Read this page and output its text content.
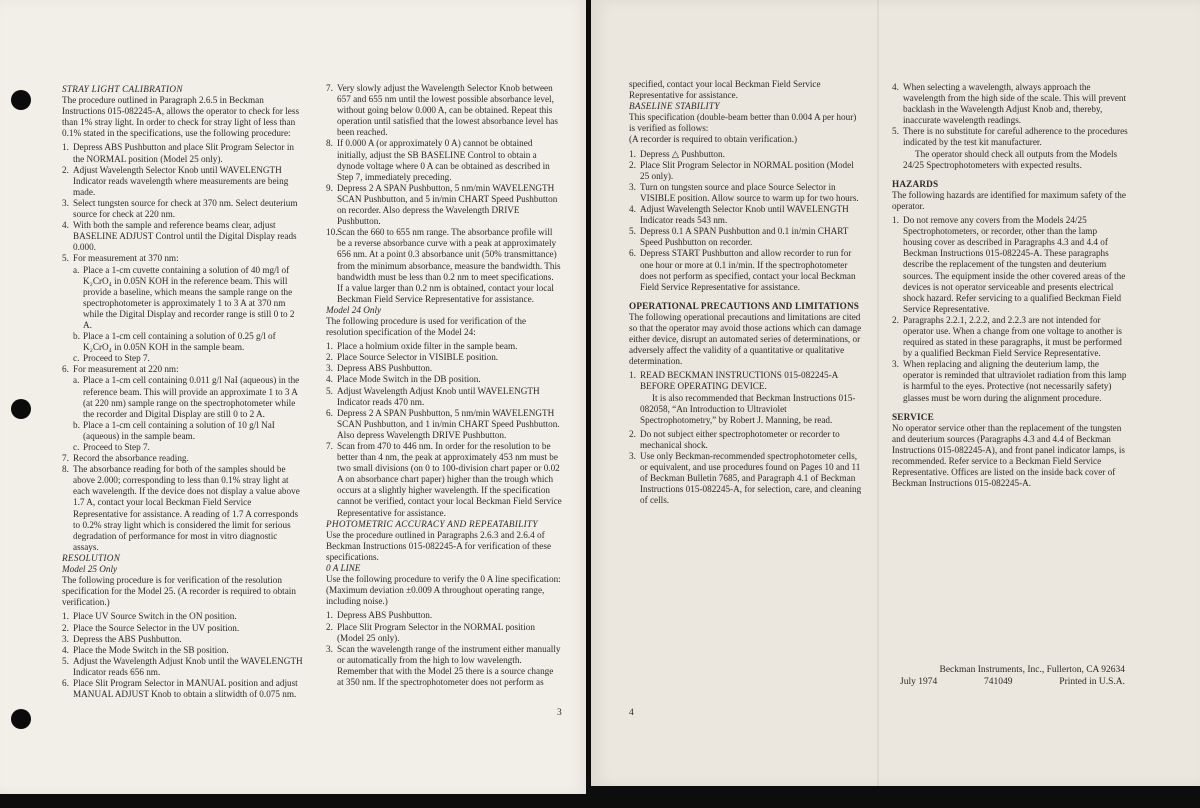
STRAY LIGHT CALIBRATION

The procedure outlined in Paragraph 2.6.5 in Beckman Instructions 015-082245-A, allows the operator to check for less than 1% stray light. In order to check for stray light of less than 0.1% stated in the specifications, use the following procedure:

1. Depress ABS Pushbutton and place Slit Program Selector in the NORMAL position (Model 25 only).
2. Adjust Wavelength Selector Knob until WAVELENGTH Indicator reads wavelength where measurements are being made.
3. Select tungsten source for check at 370 nm. Select deuterium source for check at 220 nm.
4. With both the sample and reference beams clear, adjust BASELINE ADJUST Control until the Digital Display reads 0.000.
5. For measurement at 370 nm:
a. Place a 1-cm cuvette containing a solution of 40 mg/l of K₂CrO₄ in 0.05N KOH in the reference beam. This will provide a baseline, which means the sample range on the spectrophotometer is approximately 1 to 3 A at 370 nm while the Digital Display and recorder range is still 0 to 2 A.
b. Place a 1-cm cell containing a solution of 0.25 g/l of K₂CrO₄ in 0.05N KOH in the sample beam.
c. Proceed to Step 7.
6. For measurement at 220 nm:
a. Place a 1-cm cell containing 0.011 g/l NaI (aqueous) in the reference beam. This will provide an approximate 1 to 3 A (at 220 nm) sample range on the spectrophotometer while the recorder and Digital Display are still 0 to 2 A.
b. Place a 1-cm cell containing a solution of 10 g/l NaI (aqueous) in the sample beam.
c. Proceed to Step 7.
7. Record the absorbance reading.
8. The absorbance reading for both of the samples should be above 2.000; corresponding to less than 0.1% stray light at each wavelength. If the device does not display a value above 1.7 A, contact your local Beckman Field Service Representative for assistance. A reading of 1.7 A corresponds to 0.2% stray light which is considered the limit for serious degradation of performance for most in vitro diagnostic assays.

RESOLUTION

Model 25 Only

The following procedure is for verification of the resolution specification for the Model 25. (A recorder is required to obtain verification.)

1. Place UV Source Switch in the ON position.
2. Place the Source Selector in the UV position.
3. Depress the ABS Pushbutton.
4. Place the Mode Switch in the SB position.
5. Adjust the Wavelength Adjust Knob until the WAVELENGTH Indicator reads 656 nm.
6. Place Slit Program Selector in MANUAL position and adjust MANUAL ADJUST Knob to obtain a slitwidth of 0.075 nm.
7. Very slowly adjust the Wavelength Selector Knob between 657 and 655 nm until the lowest possible absorbance level, without going below 0.000 A, can be obtained. Repeat this operation until satisfied that the lowest absorbance level has been reached.
8. If 0.000 A (or approximately 0 A) cannot be obtained initially, adjust the SB BASELINE Control to obtain a dynode voltage where 0 A can be obtained as described in Step 7, immediately preceding.
9. Depress 2 A SPAN Pushbutton, 5 nm/min WAVELENGTH SCAN Pushbutton, and 5 in/min CHART Speed Pushbutton on recorder. Also depress the Wavelength DRIVE Pushbutton.
10. Scan the 660 to 655 nm range. The absorbance profile will be a reverse absorbance curve with a peak at approximately 656 nm. At a point 0.3 absorbance unit (50% transmittance) from the minimum absorbance, measure the bandwidth. This bandwidth must be less than 0.2 nm to meet specifications. If a value larger than 0.2 nm is obtained, contact your local Beckman Field Service Representative for assistance.

Model 24 Only

The following procedure is used for verification of the resolution specification of the Model 24:

1. Place a holmium oxide filter in the sample beam.
2. Place Source Selector in VISIBLE position.
3. Depress ABS Pushbutton.
4. Place Mode Switch in the DB position.
5. Adjust Wavelength Adjust Knob until WAVELENGTH Indicator reads 470 nm.
6. Depress 2 A SPAN Pushbutton, 5 nm/min WAVELENGTH SCAN Pushbutton, and 1 in/min CHART Speed Pushbutton. Also depress Wavelength DRIVE Pushbutton.
7. Scan from 470 to 446 nm. In order for the resolution to be better than 4 nm, the peak at approximately 453 nm must be two small divisions (on 0 to 100-division chart paper or 0.02 A on absorbance chart paper) higher than the trough which occurs at a slightly higher wavelength. If the specification cannot be verified, contact your local Beckman Field Service Representative for assistance.

PHOTOMETRIC ACCURACY AND REPEATABILITY

Use the procedure outlined in Paragraphs 2.6.3 and 2.6.4 of Beckman Instructions 015-082245-A for verification of these specifications.

0 A LINE

Use the following procedure to verify the 0 A line specification:

(Maximum deviation ±0.009 A throughout operating range, including noise.)

1. Depress ABS Pushbutton.
2. Place Slit Program Selector in the NORMAL position (Model 25 only).
3. Scan the wavelength range of the instrument either manually or automatically from the high to low wavelength. Remember that with the Model 25 there is a source change at 350 nm. If the spectrophotometer does not perform as
3

specified, contact your local Beckman Field Service Representative for assistance.

BASELINE STABILITY

This specification (double-beam better than 0.004 A per hour) is verified as follows:

(A recorder is required to obtain verification.)

1. Depress △ Pushbutton.
2. Place Slit Program Selector in NORMAL position (Model 25 only).
3. Turn on tungsten source and place Source Selector in VISIBLE position. Allow source to warm up for two hours.
4. Adjust Wavelength Selector Knob until WAVELENGTH Indicator reads 543 nm.
5. Depress 0.1 A SPAN Pushbutton and 0.1 in/min CHART Speed Pushbutton on recorder.
6. Depress START Pushbutton and allow recorder to run for one hour or more at 0.1 in/min. If the spectrophotometer does not perform as specified, contact your local Beckman Field Service Representative for assistance.

OPERATIONAL PRECAUTIONS AND LIMITATIONS

The following operational precautions and limitations are cited so that the operator may avoid those actions which can damage either device, disrupt an automated series of determinations, or adversely affect the validity of a quantitative or qualitative determination.

1. READ BECKMAN INSTRUCTIONS 015-082245-A BEFORE OPERATING DEVICE.

It is also recommended that Beckman Instructions 015-082058, “An Introduction to Ultraviolet Spectrophotometry,” by Robert J. Manning, be read.

2. Do not subject either spectrophotometer or recorder to mechanical shock.
3. Use only Beckman-recommended spectrophotometer cells, or equivalent, and use procedures found on Pages 10 and 11 of Beckman Bulletin 7685, and Paragraph 4.1 of Beckman Instructions 015-082245-A, for selection, care, and cleaning of cells.
4. When selecting a wavelength, always approach the wavelength from the high side of the scale. This will prevent backlash in the Wavelength Adjust Knob and, thereby, inaccurate wavelength readings.
5. There is no substitute for careful adherence to the procedures indicated by the test kit manufacturer.

The operator should check all outputs from the Models 24/25 Spectrophotometers with expected results.

HAZARDS

The following hazards are identified for maximum safety of the operator.

1. Do not remove any covers from the Models 24/25 Spectrophotometers, or recorder, other than the lamp housing cover as described in Paragraphs 4.3 and 4.4 of Beckman Instructions 015-082245-A. These paragraphs describe the replacement of the tungsten and deuterium sources. The equipment inside the other covered areas of the devices is not operator serviceable and presents electrical shock hazard. Refer servicing to a qualified Beckman Field Service Representative.
2. Paragraphs 2.2.1, 2.2.2, and 2.2.3 are not intended for operator use. When a change from one voltage to another is required as stated in these paragraphs, it must be performed by a qualified Beckman Field Service Representative.
3. When replacing and aligning the deuterium lamp, the operator is reminded that ultraviolet radiation from this lamp is harmful to the eyes. Protective (not necessarily safety) glasses must be worn during the alignment procedure.

SERVICE

No operator service other than the replacement of the tungsten and deuterium sources (Paragraphs 4.3 and 4.4 of Beckman Instructions 015-082245-A), and front panel indicator lamps, is recommended. Refer service to a Beckman Field Service Representative. Offices are listed on the inside back cover of Beckman Instructions 015-082245-A.

4
Beckman Instruments, Inc., Fullerton, CA 92634
July 1974	741049	Printed in U.S.A.
